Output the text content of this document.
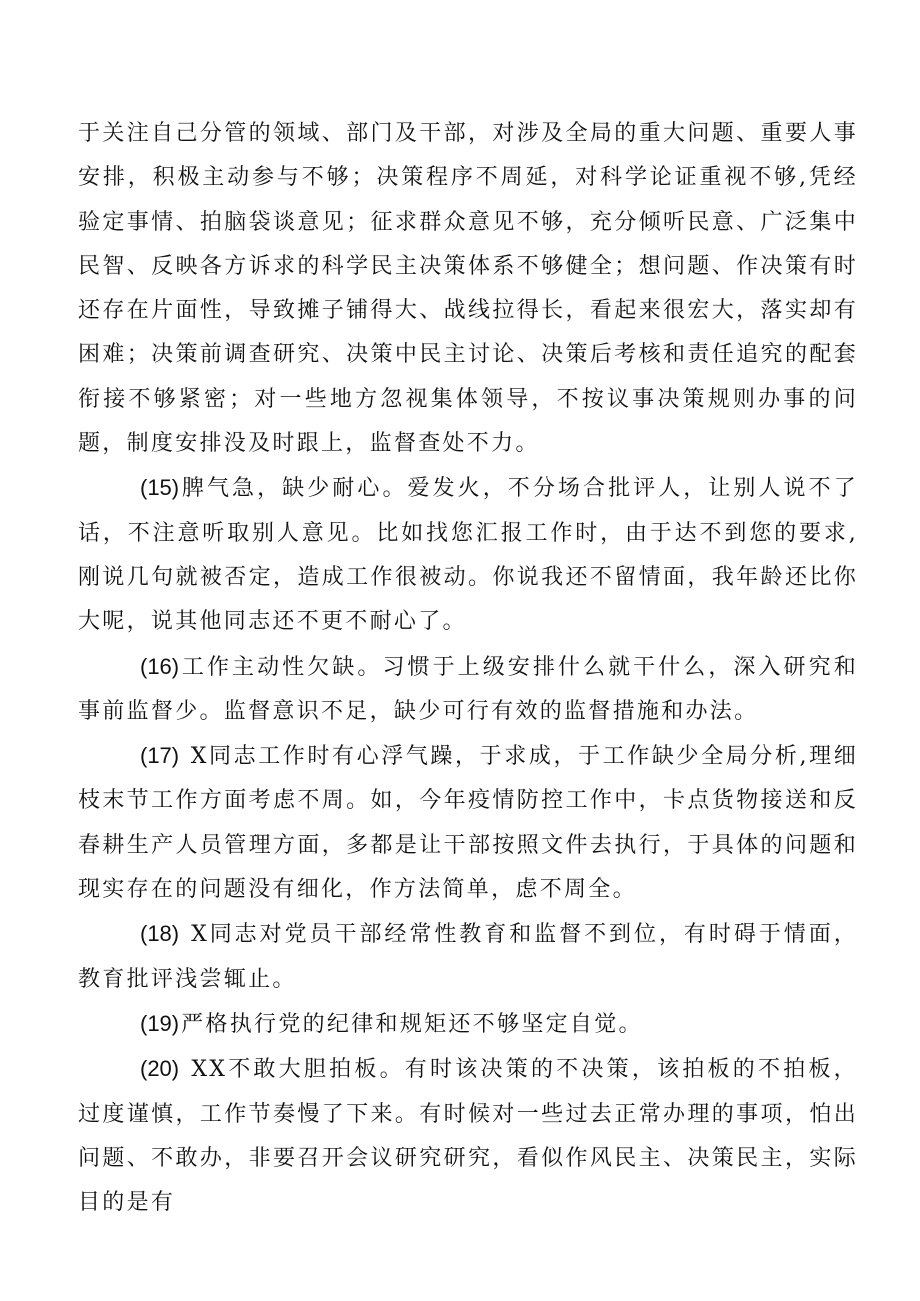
于关注自己分管的领域、部门及干部，对涉及全局的重大问题、重要人事安排，积极主动参与不够；决策程序不周延，对科学论证重视不够,凭经验定事情、拍脑袋谈意见；征求群众意见不够，充分倾听民意、广泛集中民智、反映各方诉求的科学民主决策体系不够健全；想问题、作决策有时还存在片面性，导致摊子铺得大、战线拉得长，看起来很宏大，落实却有困难；决策前调查研究、决策中民主讨论、决策后考核和责任追究的配套衔接不够紧密；对一些地方忽视集体领导，不按议事决策规则办事的问题，制度安排没及时跟上，监督查处不力。

(15)脾气急，缺少耐心。爱发火，不分场合批评人，让别人说不了话，不注意听取别人意见。比如找您汇报工作时，由于达不到您的要求,刚说几句就被否定，造成工作很被动。你说我还不留情面，我年龄还比你大呢，说其他同志还不更不耐心了。

(16)工作主动性欠缺。习惯于上级安排什么就干什么，深入研究和事前监督少。监督意识不足，缺少可行有效的监督措施和办法。

(17) X同志工作时有心浮气躁，于求成，于工作缺少全局分析,理细枝末节工作方面考虑不周。如，今年疫情防控工作中，卡点货物接送和反春耕生产人员管理方面，多都是让干部按照文件去执行，于具体的问题和现实存在的问题没有细化，作方法简单，虑不周全。

(18) X同志对党员干部经常性教育和监督不到位，有时碍于情面，教育批评浅尝辄止。

(19)严格执行党的纪律和规矩还不够坚定自觉。

(20) XX不敢大胆拍板。有时该决策的不决策，该拍板的不拍板，过度谨慎，工作节奏慢了下来。有时候对一些过去正常办理的事项，怕出问题、不敢办，非要召开会议研究研究，看似作风民主、决策民主，实际目的是有
